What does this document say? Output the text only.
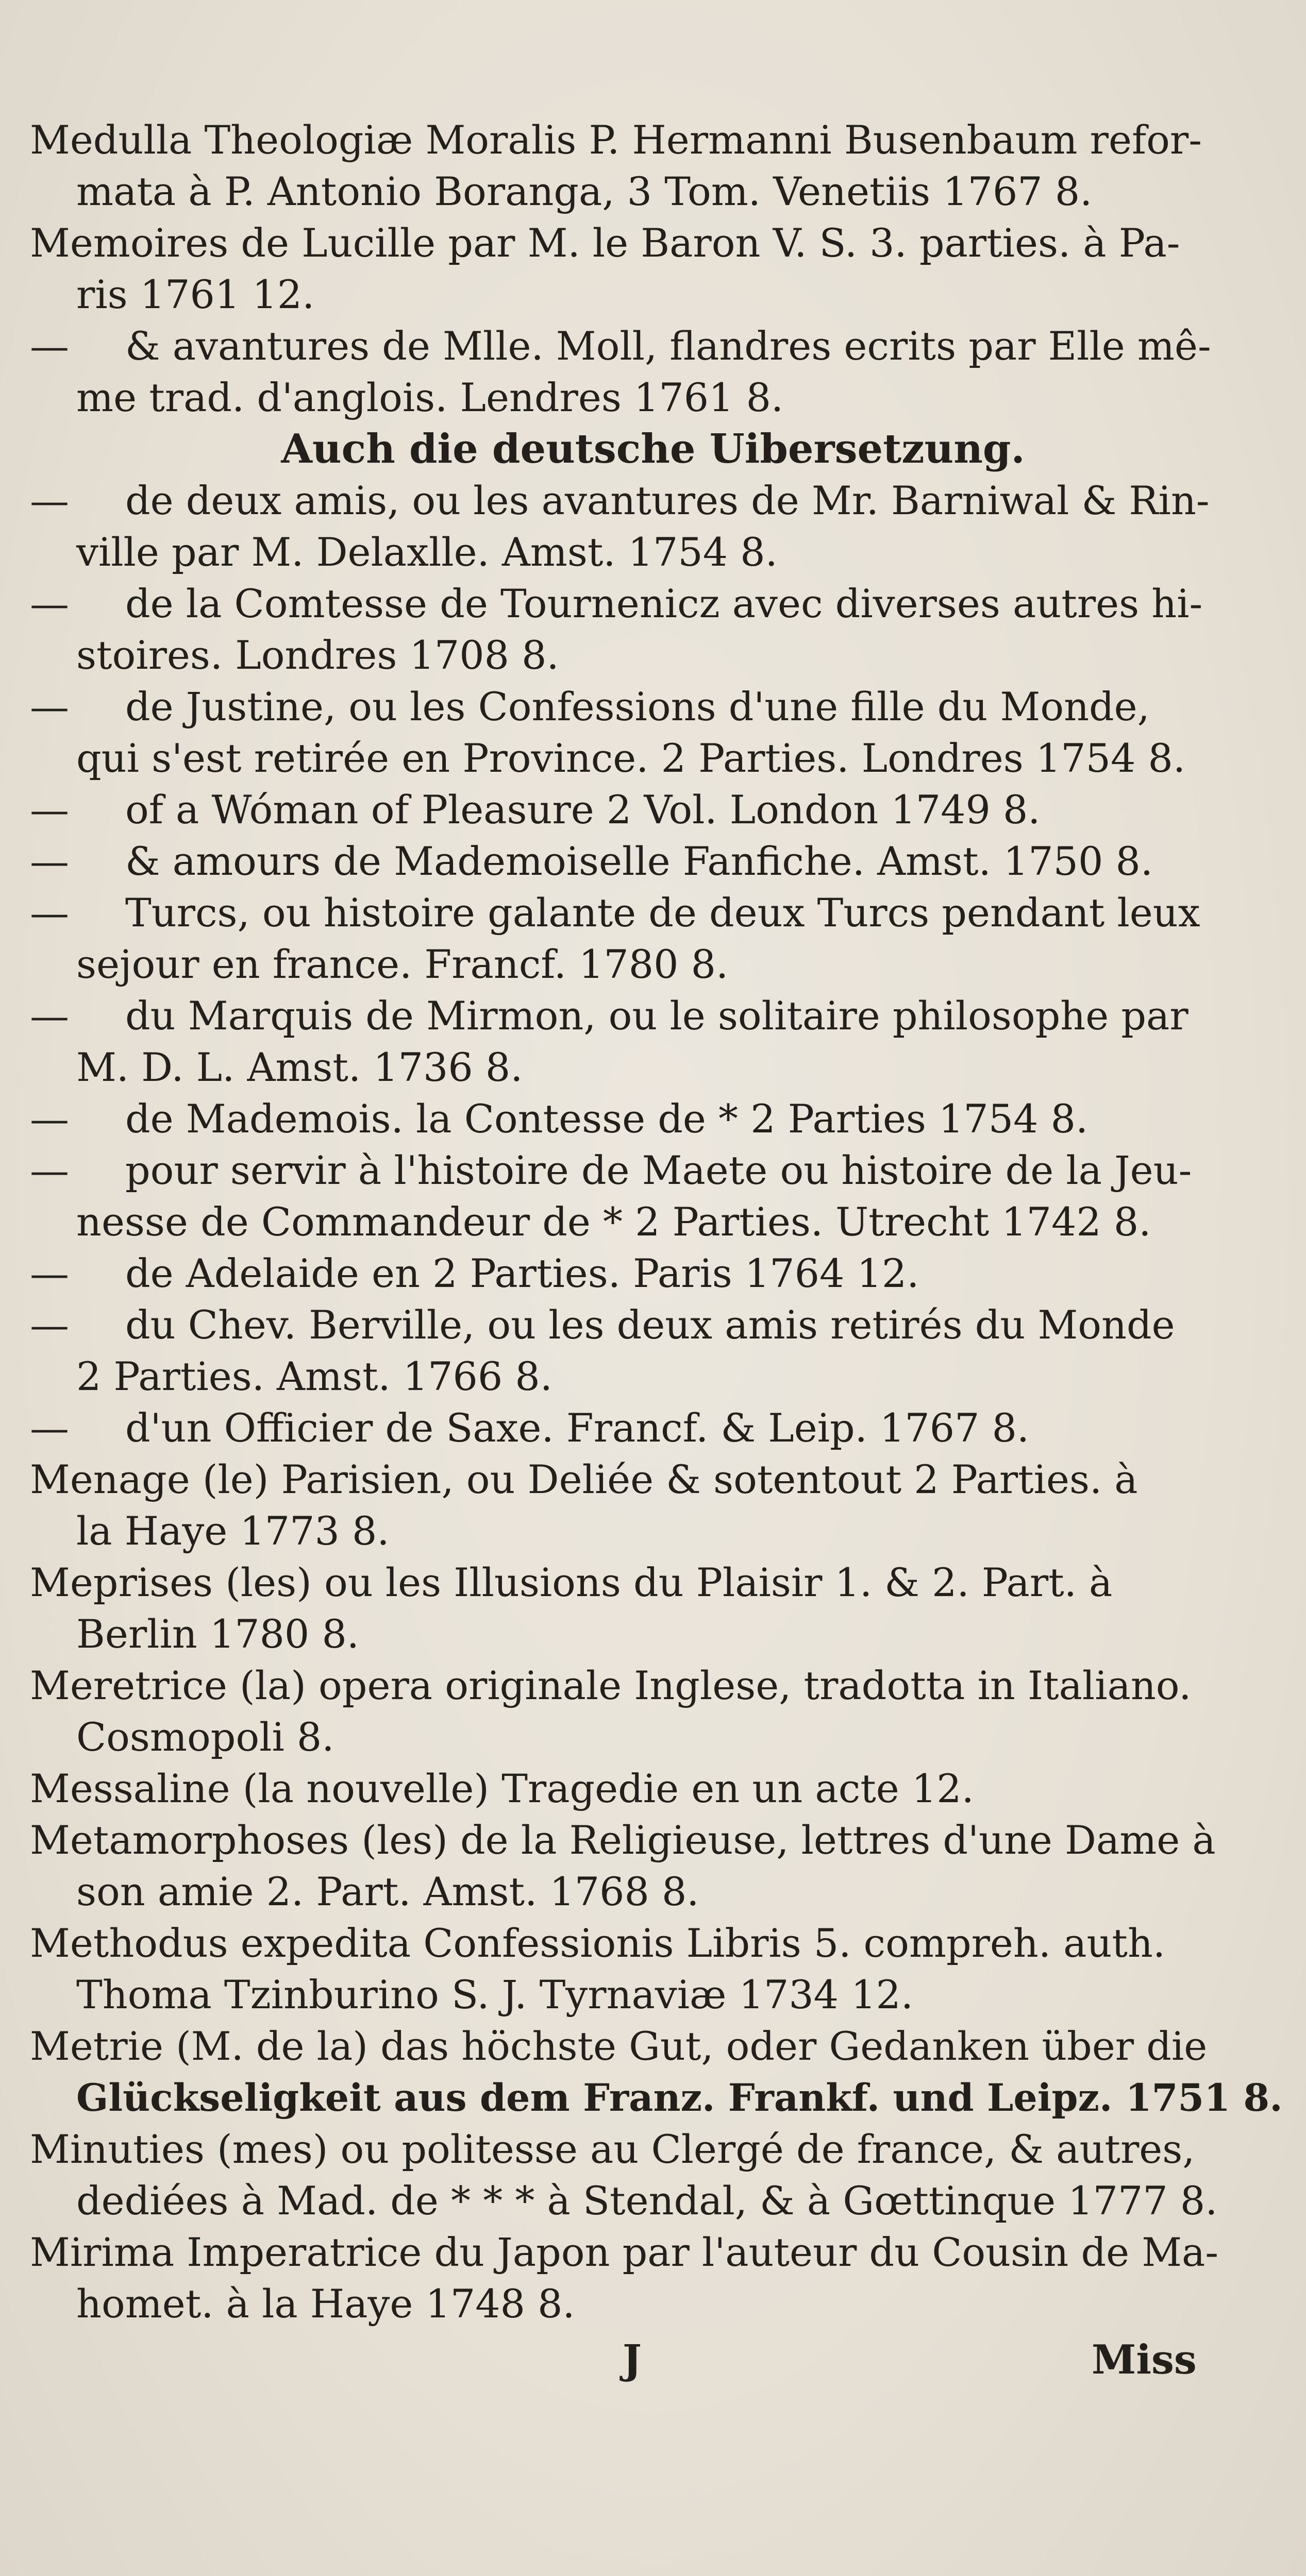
Medulla Theologiæ Moralis P. Hermanni Busenbaum refor-
mata à P. Antonio Boranga, 3 Tom. Venetiis 1767 8.
Memoires de Lucille par M. le Baron V. S. 3. parties. à Pa-
ris 1761 12.
—	& avantures de Mlle. Moll, flandres ecrits par Elle mê-
me trad. d'anglois. Lendres 1761 8.
Auch die deutsche Uibersetzung.
—	de deux amis, ou les avantures de Mr. Barniwal & Rin-
ville par M. Delaxlle. Amst. 1754 8.
—	de la Comtesse de Tournenicz avec diverses autres hi-
stoires. Londres 1708 8.
—	de Justine, ou les Confessions d'une fille du Monde,
qui s'est retirée en Province. 2 Parties. Londres 1754 8.
—	of a Wóman of Pleasure 2 Vol. London 1749 8.
—	& amours de Mademoiselle Fanfiche. Amst. 1750 8.
—	Turcs, ou histoire galante de deux Turcs pendant leux
sejour en france. Francf. 1780 8.
—	du Marquis de Mirmon, ou le solitaire philosophe par
M. D. L. Amst. 1736 8.
—	de Mademois. la Contesse de * 2 Parties 1754 8.
—	pour servir à l'histoire de Maete ou histoire de la Jeu-
nesse de Commandeur de * 2 Parties. Utrecht 1742 8.
—	de Adelaide en 2 Parties. Paris 1764 12.
—	du Chev. Berville, ou les deux amis retirés du Monde
2 Parties. Amst. 1766 8.
—	d'un Officier de Saxe. Francf. & Leip. 1767 8.
Menage (le) Parisien, ou Deliée & sotentout 2 Parties. à
la Haye 1773 8.
Meprises (les) ou les Illusions du Plaisir 1. & 2. Part. à
Berlin 1780 8.
Meretrice (la) opera originale Inglese, tradotta in Italiano.
Cosmopoli 8.
Messaline (la nouvelle) Tragedie en un acte 12.
Metamorphoses (les) de la Religieuse, lettres d'une Dame à
son amie 2. Part. Amst. 1768 8.
Methodus expedita Confessionis Libris 5. compreh. auth.
Thoma Tzinburino S. J. Tyrnaviæ 1734 12.
Metrie (M. de la) das höchste Gut, oder Gedanken über die
Glückseligkeit aus dem Franz. Frankf. und Leipz. 1751 8.
Minuties (mes) ou politesse au Clergé de france, & autres,
dediées à Mad. de * * * à Stendal, & à Gœttinque 1777 8.
Mirima Imperatrice du Japon par l'auteur du Cousin de Ma-
homet. à la Haye 1748 8.
J	Miss
